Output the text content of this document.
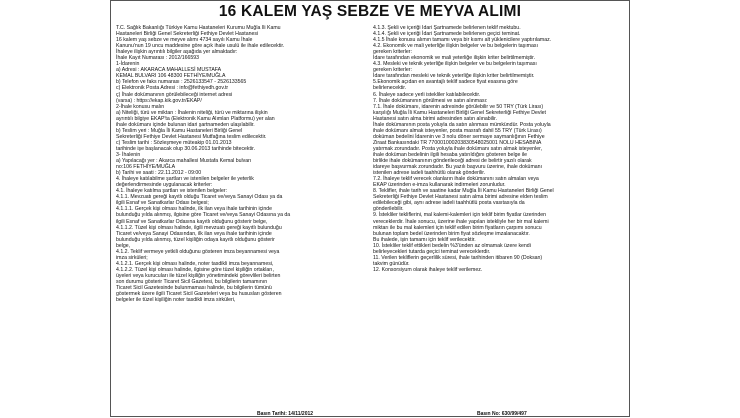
16 KALEM YAŞ SEBZE VE MEYVA ALIMI

T.C. Sağlık Bakanlığı Türkiye Kamu Hastaneleri Kurumu Muğla İli Kamu

Hastaneleri Birliği Genel Sekreterliği Fethiye Devlet Hastanesi

16 kalem yaş sebze ve meyve alımı 4734 sayılı Kamu İhale

Kanunu'nun 19 uncu maddesine göre açık ihale usulü ile ihale edilecektir.

İhaleye ilişkin ayrıntılı bilgiler aşağıda yer almaktadır:

İhale Kayıt Numarası : 2012/166593

1-İdarenin

a) Adresi : AKARACA MAHALLESİ MUSTAFA

KEMAL BULVARI 106 48300 FETHİYE/MUĞLA

b) Telefon ve faks numarası : 2526133547 - 2526133565

c) Elektronik Posta Adresi : info@fethiyedh.gov.tr

ç) İhale dokümanının görülebileceği internet adresi

(varsa) : https://ekap.kik.gov.tr/EKAP/

2-İhale konusu malın

a) Niteliği, türü ve miktarı : İhalenin niteliği, türü ve miktarına ilişkin

ayrıntılı bilgiye EKAP'ta (Elektronik Kamu Alımları Platformu) yer alan

ihale dokümanı içinde bulunan idari şartnameden ulaşılabilir.

b) Teslim yeri : Muğla İli Kamu Hastaneleri Birliği Genel

Sekreterliği Fethiye Devlet Hastanesi Mutfağına teslim edilecektir.

c) Teslim tarihi : Sözleşmeye müteakip 01.01.2013

tarihinde işe başlanacak olup 30.06.2013 tarihinde bitecektir.

3- İhalenin

a) Yapılacağı yer : Akarca mahallesi Mustafa Kemal bulvarı

no:106 FETHİYE/MUĞLA

b) Tarihi ve saati : 22.11.2012 - 09:00

4. İhaleye katılabilme şartları ve istenilen belgeler ile yeterlik

değerlendirmesinde uygulanacak kriterler:

4.1. İhaleye katılma şartları ve istenilen belgeler:

4.1.1. Mevzuatı gereği kayıtlı olduğu Ticaret ve/veya Sanayi Odası ya da

ilgili Esnaf ve Sanatkarlar Odası belgesi;

4.1.1.1. Gerçek kişi olması halinde, ilk ilan veya ihale tarihinin içinde

bulunduğu yılda alınmış, ilgisine göre Ticaret ve/veya Sanayi Odasına ya da

ilgili Esnaf ve Sanatkarlar Odasına kayıtlı olduğunu gösterir belge,

4.1.1.2. Tüzel kişi olması halinde, ilgili mevzuatı gereği kayıtlı bulunduğu

Ticaret ve/veya Sanayi Odasından, ilk ilan veya ihale tarihinin içinde

bulunduğu yılda alınmış, tüzel kişiliğin odaya kayıtlı olduğunu gösterir

belge,

4.1.2. Teklif vermeye yetkili olduğunu gösteren imza beyannamesi veya

imza sirküleri;

4.1.2.1. Gerçek kişi olması halinde, noter tasdikli imza beyannamesi,

4.1.2.2. Tüzel kişi olması halinde, ilgisine göre tüzel kişiliğin ortakları,

üyeleri veya kurucuları ile tüzel kişiliğin yönetimindeki görevlileri belirten

son durumu gösterir Ticaret Sicil Gazetesi, bu bilgilerin tamamının

Ticaret Sicil Gazetesinde bulunmaması halinde, bu bilgilerin tümünü

göstermek üzere ilgili Ticaret Sicil Gazeteleri veya bu hususları gösteren

belgeler ile tüzel kişiliğin noter tasdikli imza sirküleri,

4.1.3. Şekli ve içeriği İdari Şartnamede belirlenen teklif mektubu.

4.1.4. Şekli ve içeriği İdari Şartnamede belirlenen geçici teminat.

4.1.5 İhale konusu alımın tamamı veya bir kısmı alt yüklenicilere yaptırılamaz.

4.2. Ekonomik ve mali yeterliğe ilişkin belgeler ve bu belgelerin taşıması

gereken kriterler:

İdare tarafından ekonomik ve mali yeterliğe ilişkin kriter belirtilmemiştir.

4.3. Mesleki ve teknik yeterliğe ilişkin belgeler ve bu belgelerin taşıması

gereken kriterler:

İdare tarafından mesleki ve teknik yeterliğe ilişkin kriter belirtilmemiştir.

5.Ekonomik açıdan en avantajlı teklif sadece fiyat esasına göre

belirlenecektir.

6. İhaleye sadece yerli istekliler katılabilecektir.

7. İhale dokümanının görülmesi ve satın alınması:

7.1. İhale dokümanı, idarenin adresinde görülebilir ve 50 TRY (Türk Lirası)

karşılığı Muğla İli Kamu Hastaneleri Birliği Genel Sekreterliği Fethiye Devlet

Hastanesi satın alma birimi adresinden satın alınabilir.

İhale dokümanının posta yoluyla da satın alınması mümkündür. Posta yoluyla

ihale dokümanı almak isteyenler, posta masrafı dahil 55 TRY (Türk Lirası)

doküman bedelini İdarenin ve 3 nolu döner sermaye saymanlığının Fethiye

Ziraat Bankasındaki TR 770001000203830548025001 NOLU HESABINA

yatırmak zorundadır. Posta yoluyla ihale dokümanı satın almak isteyenler,

ihale doküman bedelinin ilgili hesaba yatırıldığını gösteren belge ile

birlikte ihale dokümanının gönderileceği adresi de belirtir yazılı olarak

idareye başvurmak zorundadır. Bu yazılı başvuru üzerine, ihale dokümanı

istenilen adrese iadeli taahhütlü olarak gönderilir.

7.2. İhaleye teklif verecek olanların ihale dokümanını satın almaları veya

EKAP üzerinden e-imza kullanarak indirmeleri zorunludur.

8. Teklifler, ihale tarih ve saatine kadar Muğla İli Kamu Hastaneleri Birliği Genel

Sekreterliği Fethiye Devlet Hastanesi satın alma birimi adresine elden teslim

edilebileceği gibi, aynı adrese iadeli taahhütlü posta vasıtasıyla da

gönderilebilir.

9. İstekliler tekliflerini, mal kalemi-kalemleri için teklif birim fiyatlar üzerinden

vereceklerdir. İhale sonucu, üzerine ihale yapılan istekliyle her bir mal kalemi

miktarı ile bu mal kalemleri için teklif edilen birim fiyatların çarpımı sonucu

bulunan toplam bedel üzerinden birim fiyat sözleşme imzalanacaktır.

Bu ihalede, işin tamamı için teklif verilecektir.

10. İstekliler teklif ettikleri bedelin %3'ünden az olmamak üzere kendi

belirleyecekleri tutarda geçici teminat vereceklerdir.

11. Verilen tekliflerin geçerlilik süresi, ihale tarihinden itibaren 90 (Doksan)

takvim günüdür.

12. Konsorsiyum olarak ihaleye teklif verilemez.

Basın Tarihi: 14/11/2012	Basın No: 630/99/497
